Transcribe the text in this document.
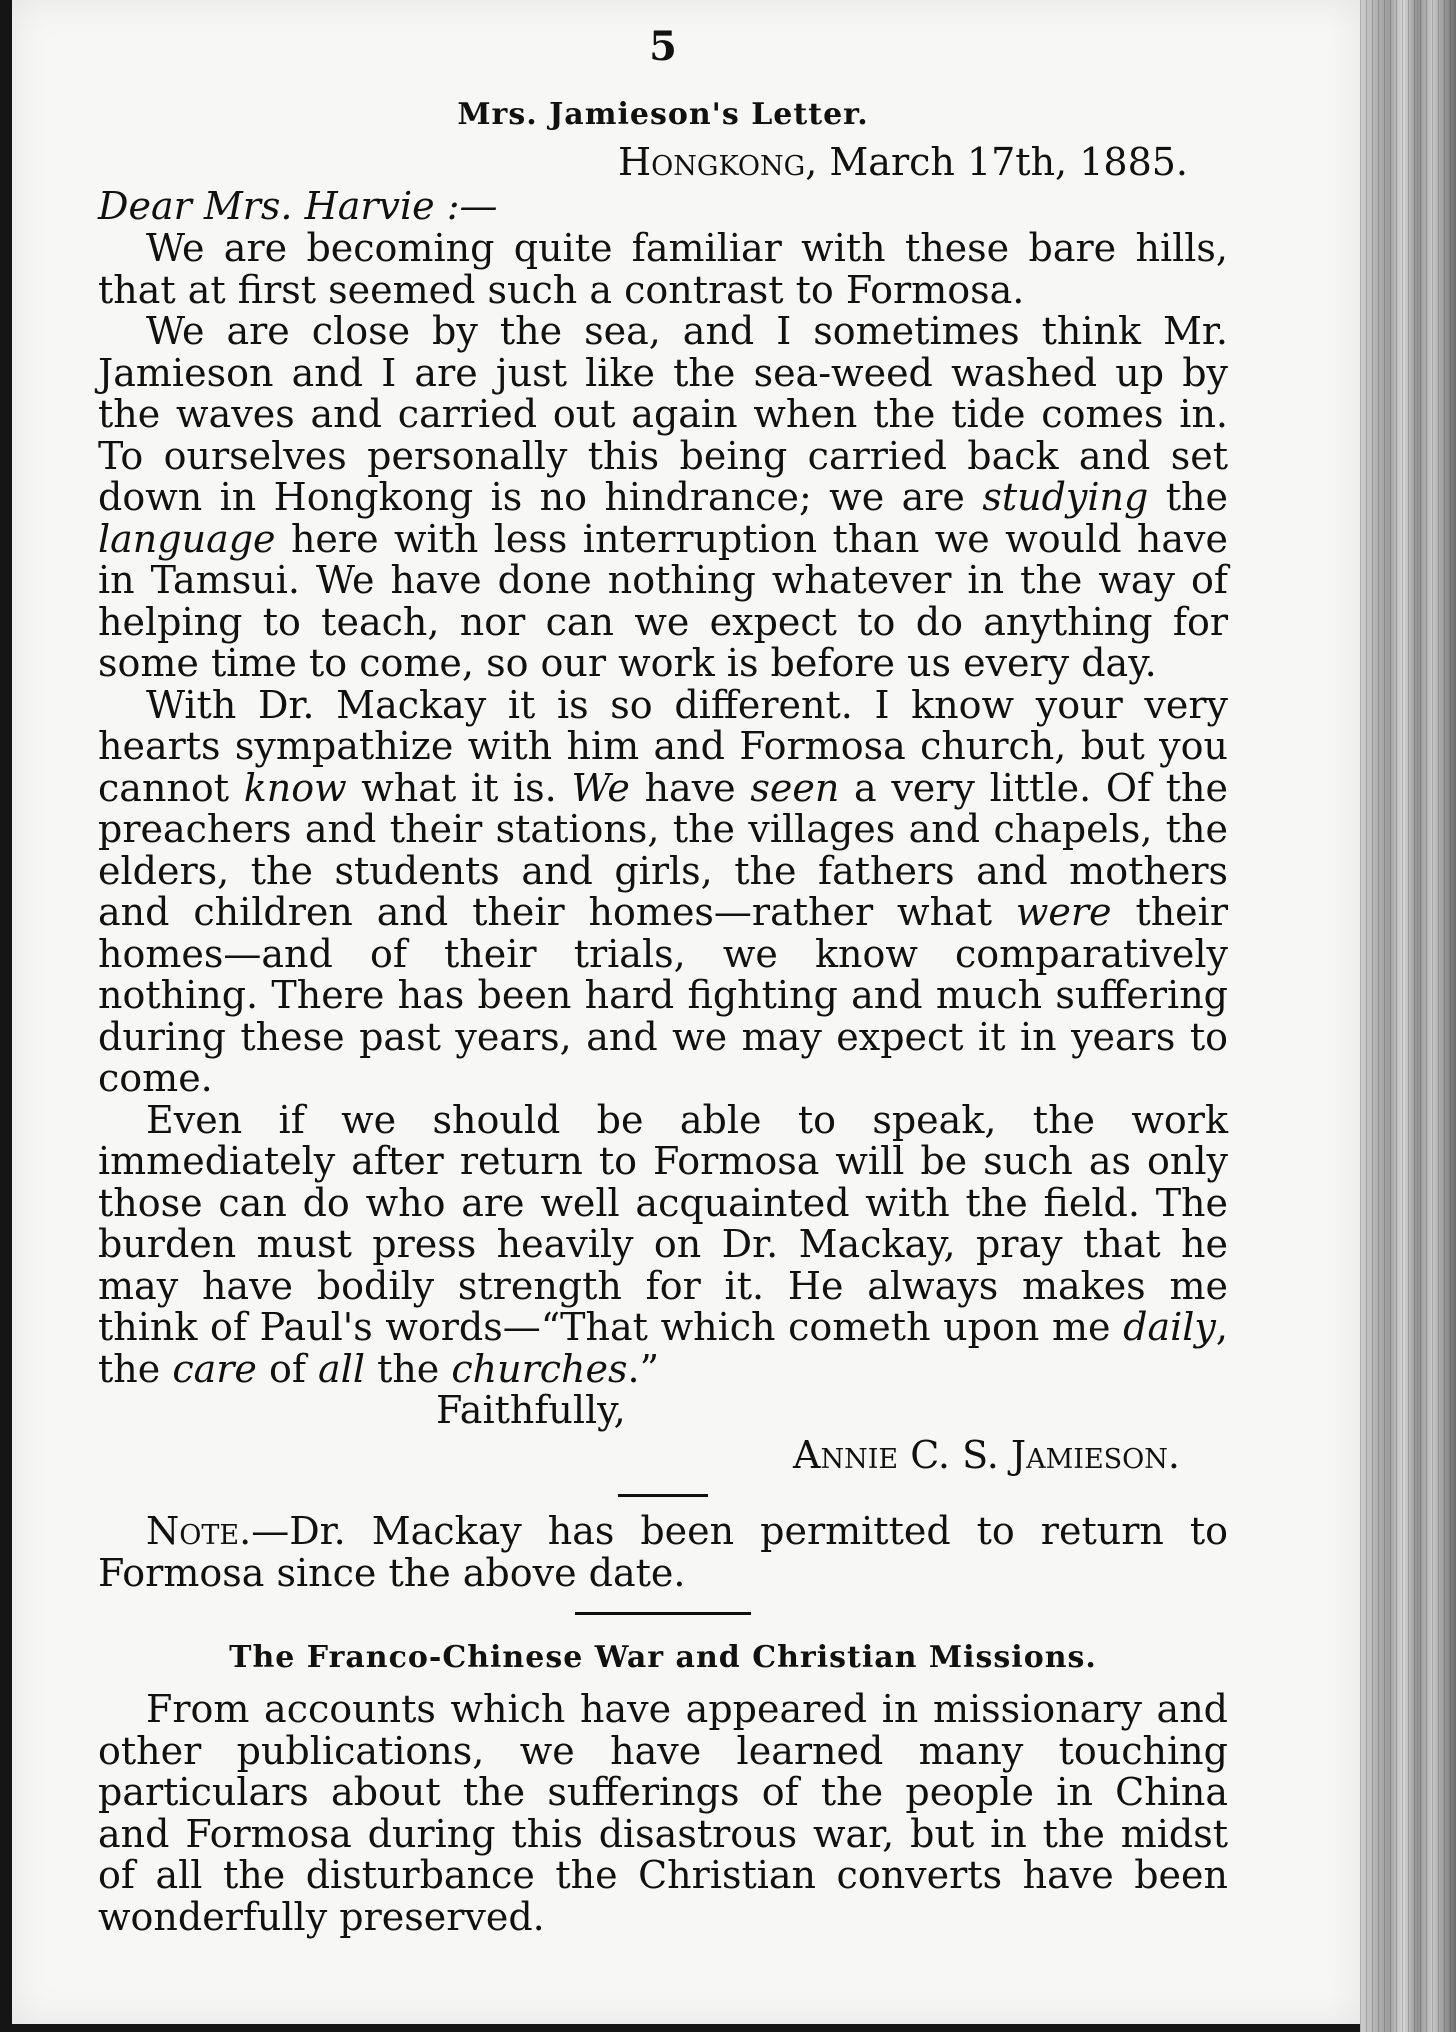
5
Mrs. Jamieson's Letter.
Hongkong, March 17th, 1885.

Dear Mrs. Harvie :—

We are becoming quite familiar with these bare hills, that at first seemed such a contrast to Formosa.

We are close by the sea, and I sometimes think Mr. Jamieson and I are just like the sea-weed washed up by the waves and carried out again when the tide comes in. To ourselves personally this being carried back and set down in Hongkong is no hindrance; we are studying the language here with less interruption than we would have in Tamsui. We have done nothing whatever in the way of helping to teach, nor can we expect to do anything for some time to come, so our work is before us every day.

With Dr. Mackay it is so different. I know your very hearts sympathize with him and Formosa church, but you cannot know what it is. We have seen a very little. Of the preachers and their stations, the villages and chapels, the elders, the students and girls, the fathers and mothers and children and their homes—rather what were their homes—and of their trials, we know comparatively nothing. There has been hard fighting and much suffering during these past years, and we may expect it in years to come.

Even if we should be able to speak, the work immediately after return to Formosa will be such as only those can do who are well acquainted with the field. The burden must press heavily on Dr. Mackay, pray that he may have bodily strength for it. He always makes me think of Paul's words—“That which cometh upon me daily, the care of all the churches.”

Faithfully,

Annie C. S. Jamieson.

Note.—Dr. Mackay has been permitted to return to Formosa since the above date.

The Franco-Chinese War and Christian Missions.

From accounts which have appeared in missionary and other publications, we have learned many touching particulars about the sufferings of the people in China and Formosa during this disastrous war, but in the midst of all the disturbance the Christian converts have been wonderfully preserved.
